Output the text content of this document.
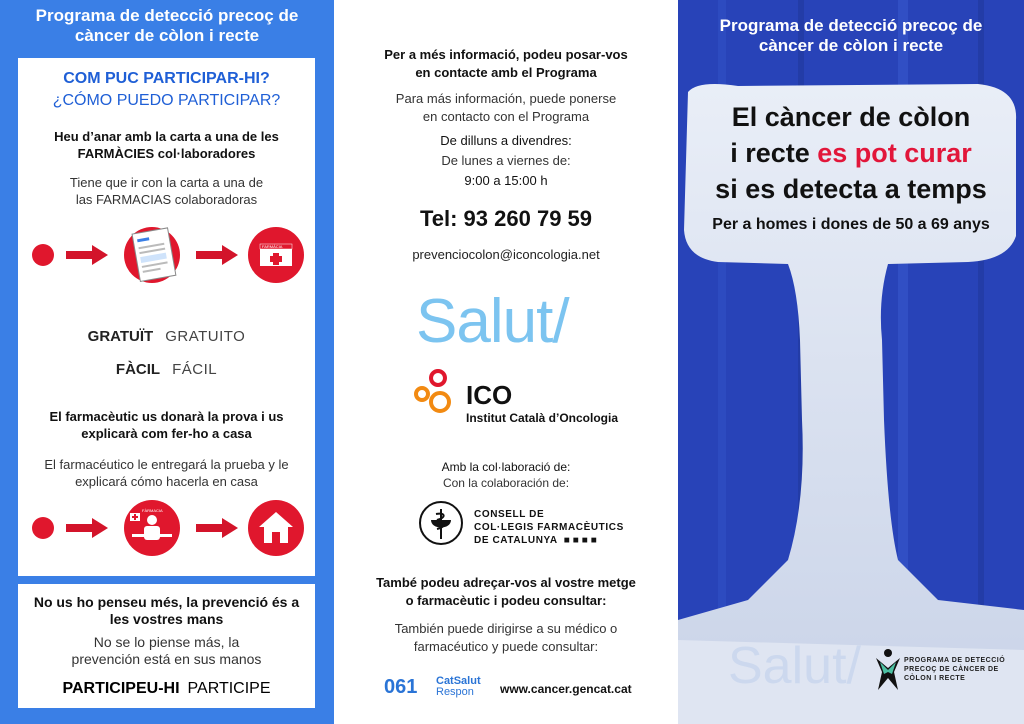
Programa de detecció precoç de càncer de còlon i recte
COM PUC PARTICIPAR-HI?
¿CÓMO PUEDO PARTICIPAR?
Heu d’anar amb la carta a una de les FARMÀCIES col·laboradores
Tiene que ir con la carta a una de las FARMACIAS colaboradoras
FARMÀCIA
GRATUÏT GRATUITO
FÀCIL FÁCIL
El farmacèutic us donarà la prova i us explicarà com fer-ho a casa
El farmacéutico le entregará la prueba y le explicará cómo hacerla en casa
FÀRMACIA
No us ho penseu més, la prevenció és a les vostres mans
No se lo piense más, la prevención está en sus manos
PARTICIPEU-HI PARTICIPE
Per a més informació, podeu posar-vos en contacte amb el Programa
Para más información, puede ponerse en contacto con el Programa
De dilluns a divendres:
De lunes a viernes de:
9:00 a 15:00 h
Tel: 93 260 79 59
prevenciocolon@iconcologia.net
Salut/
ICO
Institut Català d’Oncologia
Amb la col·laboració de:
Con la colaboración de:
CONSELL DE
COL·LEGIS FARMACÈUTICS
DE CATALUNYA ■■■■
També podeu adreçar-vos al vostre metge o farmacèutic i podeu consultar:
También puede dirigirse a su médico o farmacéutico y puede consultar:
061 CatSalut
Respon	www.cancer.gencat.cat
Programa de detecció precoç de càncer de còlon i recte
El càncer de còlon
i recte es pot curar
si es detecta a temps
Per a homes i dones de 50 a 69 anys
Salut/	PROGRAMA DE DETECCIÓ PRECOÇ DE CÀNCER DE CÒLON I RECTE
